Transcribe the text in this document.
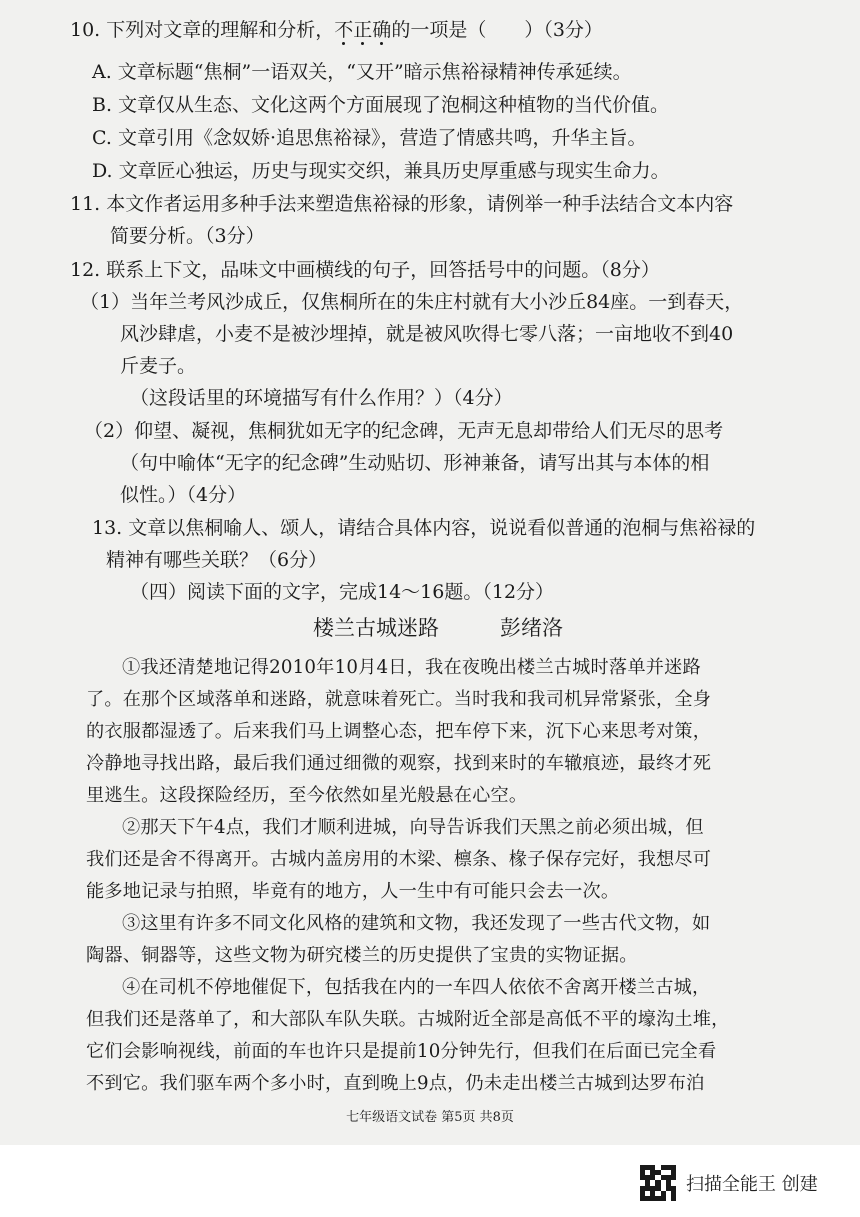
10. 下列对文章的理解和分析，不正确的一项是（　　）（3分）
A. 文章标题“焦桐”一语双关，“又开”暗示焦裕禄精神传承延续。
B. 文章仅从生态、文化这两个方面展现了泡桐这种植物的当代价值。
C. 文章引用《念奴娇·追思焦裕禄》，营造了情感共鸣，升华主旨。
D. 文章匠心独运，历史与现实交织，兼具历史厚重感与现实生命力。
11. 本文作者运用多种手法来塑造焦裕禄的形象，请例举一种手法结合文本内容
简要分析。（3分）
12. 联系上下文，品味文中画横线的句子，回答括号中的问题。（8分）
（1）当年兰考风沙成丘，仅焦桐所在的朱庄村就有大小沙丘84座。一到春天，
风沙肆虐，小麦不是被沙埋掉，就是被风吹得七零八落；一亩地收不到40
斤麦子。
（这段话里的环境描写有什么作用？）（4分）
（2）仰望、凝视，焦桐犹如无字的纪念碑，无声无息却带给人们无尽的思考
（句中喻体“无字的纪念碑”生动贴切、形神兼备，请写出其与本体的相
似性。）（4分）
13. 文章以焦桐喻人、颂人，请结合具体内容，说说看似普通的泡桐与焦裕禄的
精神有哪些关联？（6分）
（四）阅读下面的文字，完成14～16题。（12分）
楼兰古城迷路	彭绪洛
①我还清楚地记得2010年10月4日，我在夜晚出楼兰古城时落单并迷路
了。在那个区域落单和迷路，就意味着死亡。当时我和我司机异常紧张，全身
的衣服都湿透了。后来我们马上调整心态，把车停下来，沉下心来思考对策，
冷静地寻找出路，最后我们通过细微的观察，找到来时的车辙痕迹，最终才死
里逃生。这段探险经历，至今依然如星光般悬在心空。
②那天下午4点，我们才顺利进城，向导告诉我们天黑之前必须出城，但
我们还是舍不得离开。古城内盖房用的木梁、檩条、椽子保存完好，我想尽可
能多地记录与拍照，毕竟有的地方，人一生中有可能只会去一次。
③这里有许多不同文化风格的建筑和文物，我还发现了一些古代文物，如
陶器、铜器等，这些文物为研究楼兰的历史提供了宝贵的实物证据。
④在司机不停地催促下，包括我在内的一车四人依依不舍离开楼兰古城，
但我们还是落单了，和大部队车队失联。古城附近全部是高低不平的壕沟土堆，
它们会影响视线，前面的车也许只是提前10分钟先行，但我们在后面已完全看
不到它。我们驱车两个多小时，直到晚上9点，仍未走出楼兰古城到达罗布泊
七年级语文试卷 第5页 共8页
扫描全能王 创建
